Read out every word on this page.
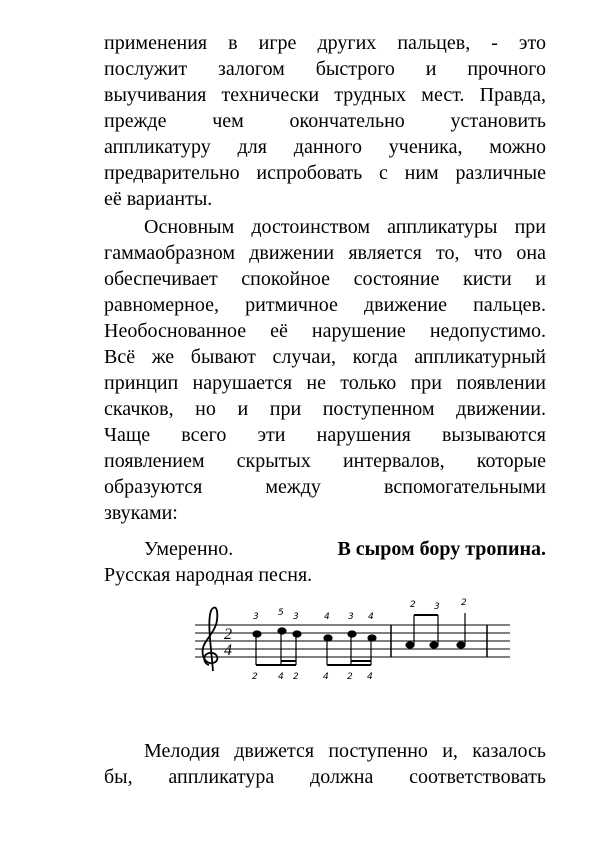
применения в игре других пальцев, - это
послужит залогом быстрого и прочного
выучивания технически трудных мест. Правда,
прежде чем окончательно установить
аппликатуру для данного ученика, можно
предварительно испробовать с ним различные
её варианты.
Основным достоинством аппликатуры при
гаммаобразном движении является то, что она
обеспечивает спокойное состояние кисти и
равномерное, ритмичное движение пальцев.
Необоснованное её нарушение недопустимо.
Всё же бывают случаи, когда аппликатурный
принцип нарушается не только при появлении
скачков, но и при поступенном движении.
Чаще всего эти нарушения вызываются
появлением скрытых интервалов, которые
образуются между вспомогательными
звуками:
Умеренно.	В сыром бору тропина.
Русская народная песня.
2
4
3 5 3	4 3 4
2 3 2
2 4 2	4 2 4
Мелодия движется поступенно и, казалось
бы, аппликатура должна соответствовать
